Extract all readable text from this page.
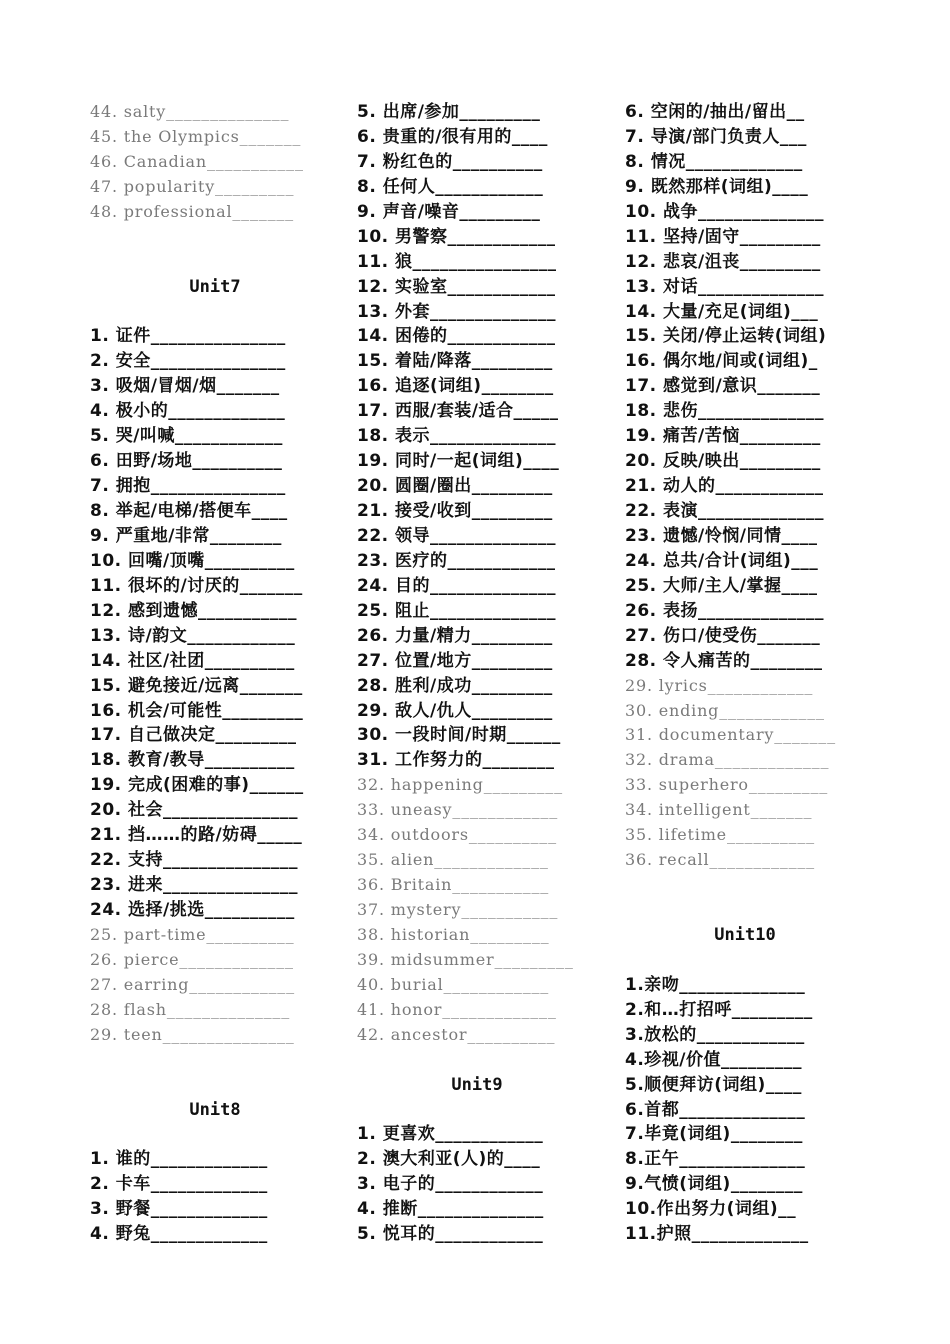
44. salty______________
45. the Olympics_______
46. Canadian___________
47. popularity_________
48. professional_______
Unit7
1. 证件_______________
2. 安全_______________
3. 吸烟/冒烟/烟_______
4. 极小的_____________
5. 哭/叫喊____________
6. 田野/场地__________
7. 拥抱_______________
8. 举起/电梯/搭便车____
9. 严重地/非常________
10. 回嘴/顶嘴__________
11. 很坏的/讨厌的_______
12. 感到遗憾___________
13. 诗/韵文____________
14. 社区/社团__________
15. 避免接近/远离_______
16. 机会/可能性_________
17. 自己做决定_________
18. 教育/教导__________
19. 完成(困难的事)______
20. 社会_______________
21. 挡……的路/妨碍_____
22. 支持_______________
23. 进来_______________
24. 选择/挑选__________
25. part-time__________
26. pierce_____________
27. earring____________
28. flash______________
29. teen_______________
Unit8
1. 谁的_____________
2. 卡车_____________
3. 野餐_____________
4. 野兔_____________
5. 出席/参加_________
6. 贵重的/很有用的____
7. 粉红色的__________
8. 任何人____________
9. 声音/噪音_________
10. 男警察____________
11. 狼________________
12. 实验室____________
13. 外套______________
14. 困倦的____________
15. 着陆/降落_________
16. 追逐(词组)________
17. 西服/套装/适合_____
18. 表示______________
19. 同时/一起(词组)____
20. 圆圈/圈出_________
21. 接受/收到_________
22. 领导______________
23. 医疗的____________
24. 目的______________
25. 阻止______________
26. 力量/精力_________
27. 位置/地方_________
28. 胜利/成功_________
29. 敌人/仇人_________
30. 一段时间/时期______
31. 工作努力的________
32. happening_________
33. uneasy____________
34. outdoors__________
35. alien_____________
36. Britain___________
37. mystery___________
38. historian_________
39. midsummer_________
40. burial____________
41. honor_____________
42. ancestor__________
Unit9
1. 更喜欢____________
2. 澳大利亚(人)的____
3. 电子的____________
4. 推断______________
5. 悦耳的____________
6. 空闲的/抽出/留出__
7. 导演/部门负责人___
8. 情况_____________
9. 既然那样(词组)____
10. 战争______________
11. 坚持/固守_________
12. 悲哀/沮丧_________
13. 对话______________
14. 大量/充足(词组)___
15. 关闭/停止运转(词组)
16. 偶尔地/间或(词组)_
17. 感觉到/意识_______
18. 悲伤______________
19. 痛苦/苦恼_________
20. 反映/映出_________
21. 动人的____________
22. 表演______________
23. 遗憾/怜悯/同情____
24. 总共/合计(词组)___
25. 大师/主人/掌握____
26. 表扬______________
27. 伤口/使受伤_______
28. 令人痛苦的________
29. lyrics____________
30. ending____________
31. documentary_______
32. drama_____________
33. superhero_________
34. intelligent_______
35. lifetime__________
36. recall____________
Unit10
1.亲吻______________
2.和…打招呼_________
3.放松的____________
4.珍视/价值_________
5.顺便拜访(词组)____
6.首都______________
7.毕竟(词组)________
8.正午______________
9.气愤(词组)________
10.作出努力(词组)__
11.护照_____________
